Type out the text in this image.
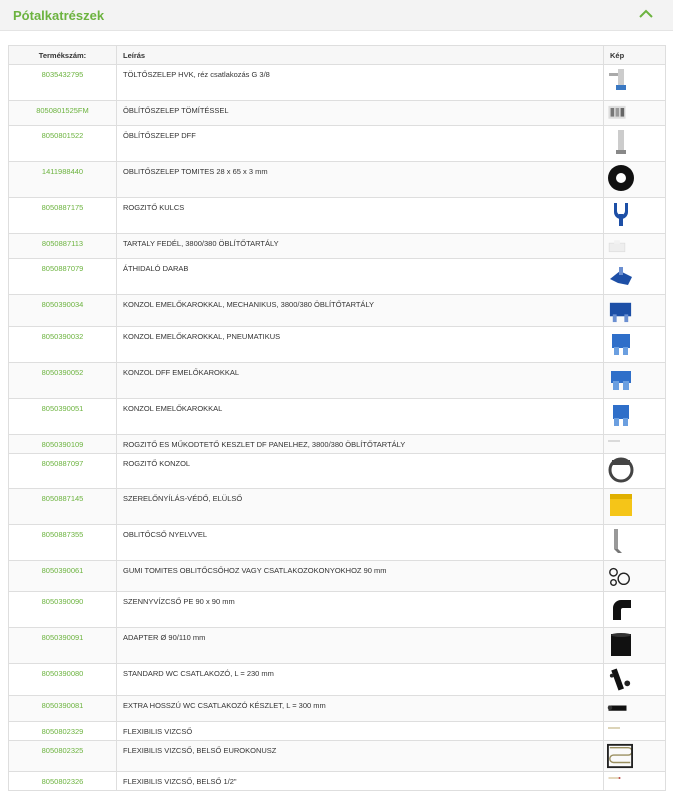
Pótalkatrészek
Termékszám:	Leírás	Kép
8035432795	TÖLTŐSZELEP HVK, réz csatlakozás G 3/8	

8050801525FM	ÖBLÍTŐSZELEP TÖMÍTÉSSEL	

8050801522	ÖBLÍTŐSZELEP DFF	

1411988440	OBLITŐSZELEP TOMITES 28 x 65 x 3 mm	

8050887175	ROGZITŐ KULCS	

8050887113	TARTALY FEDÉL, 3800/380 ÖBLÍTŐTARTÁLY	

8050887079	ÁTHIDALÓ DARAB	

8050390034	KONZOL EMELŐKAROKKAL, MECHANIKUS, 3800/380 ÖBLÍTŐTARTÁLY	

8050390032	KONZOL EMELŐKAROKKAL, PNEUMATIKUS	

8050390052	KONZOL DFF EMELŐKAROKKAL	

8050390051	KONZOL EMELŐKAROKKAL	

8050390109	ROGZITŐ ES MŰKODTETŐ KESZLET DF PANELHEZ, 3800/380 ÖBLÍTŐTARTÁLY	

8050887097	ROGZITŐ KONZOL	

8050887145	SZERELŐNYÍLÁS-VÉDŐ, ELÜLSŐ	

8050887355	OBLITŐCSŐ NYELVVEL	

8050390061	GUMI TOMITES OBLITŐCSŐHOZ VAGY CSATLAKOZOKONYOKHOZ 90 mm	

8050390090	SZENNYVÍZCSŐ PE 90 x 90 mm	

8050390091	ADAPTER Ø 90/110 mm	

8050390080	STANDARD WC CSATLAKOZÓ, L = 230 mm	

8050390081	EXTRA HOSSZÚ WC CSATLAKOZÓ KÉSZLET, L = 300 mm	

8050802329	FLEXIBILIS VIZCSŐ	

8050802325	FLEXIBILIS VIZCSŐ, BELSŐ EUROKONUSZ	

8050802326	FLEXIBILIS VIZCSŐ, BELSŐ 1/2"	
